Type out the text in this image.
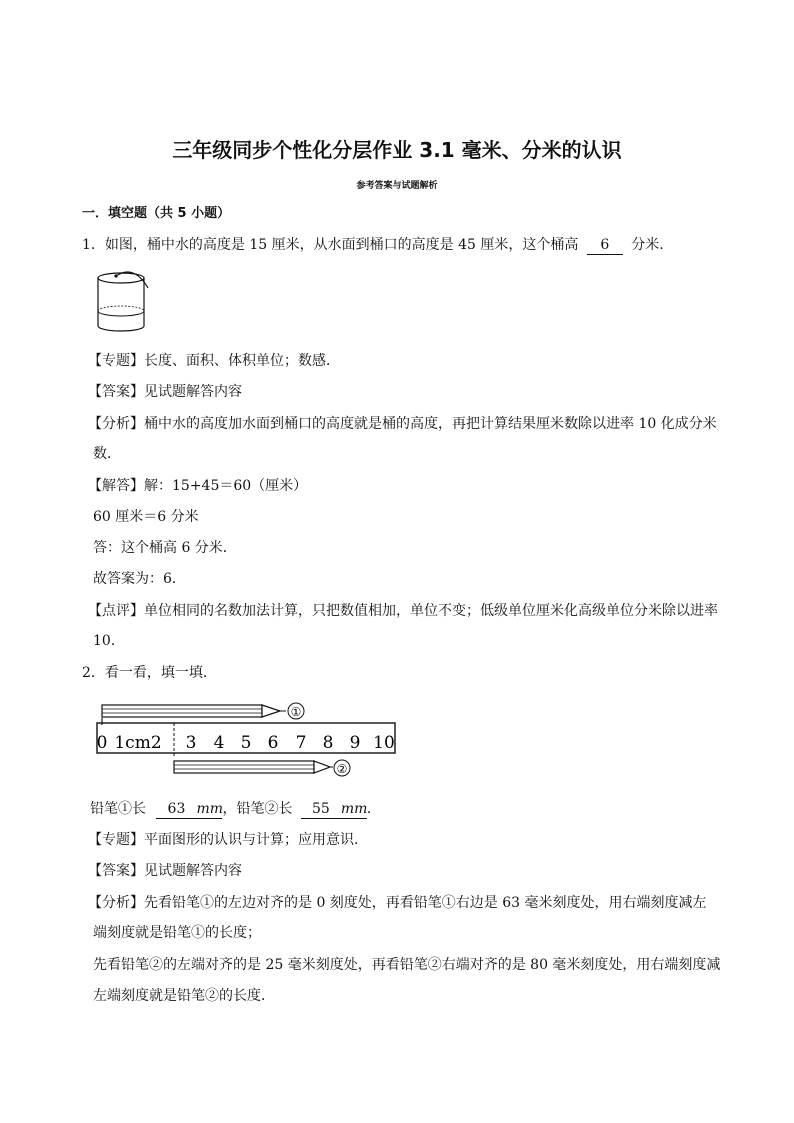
三年级同步个性化分层作业 3.1 毫米、分米的认识
参考答案与试题解析
一．填空题（共 5 小题）
1．如图，桶中水的高度是 15 厘米，从水面到桶口的高度是 45 厘米，这个桶高 6 分米．
【专题】长度、面积、体积单位；数感．
【答案】见试题解答内容
【分析】桶中水的高度加水面到桶口的高度就是桶的高度，再把计算结果厘米数除以进率 10 化成分米
数．
【解答】解：15+45＝60（厘米）
60 厘米＝6 分米
答：这个桶高 6 分米．
故答案为：6．
【点评】单位相同的名数加法计算，只把数值相加，单位不变；低级单位厘米化高级单位分米除以进率
10．
2．看一看，填一填．
①
0 1cm2 3 4 5 6 7 8 9 10
②
铅笔①长 63 mm，铅笔②长 55 mm．
【专题】平面图形的认识与计算；应用意识．
【答案】见试题解答内容
【分析】先看铅笔①的左边对齐的是 0 刻度处，再看铅笔①右边是 63 毫米刻度处，用右端刻度减左
端刻度就是铅笔①的长度；
先看铅笔②的左端对齐的是 25 毫米刻度处，再看铅笔②右端对齐的是 80 毫米刻度处，用右端刻度减
左端刻度就是铅笔②的长度．
